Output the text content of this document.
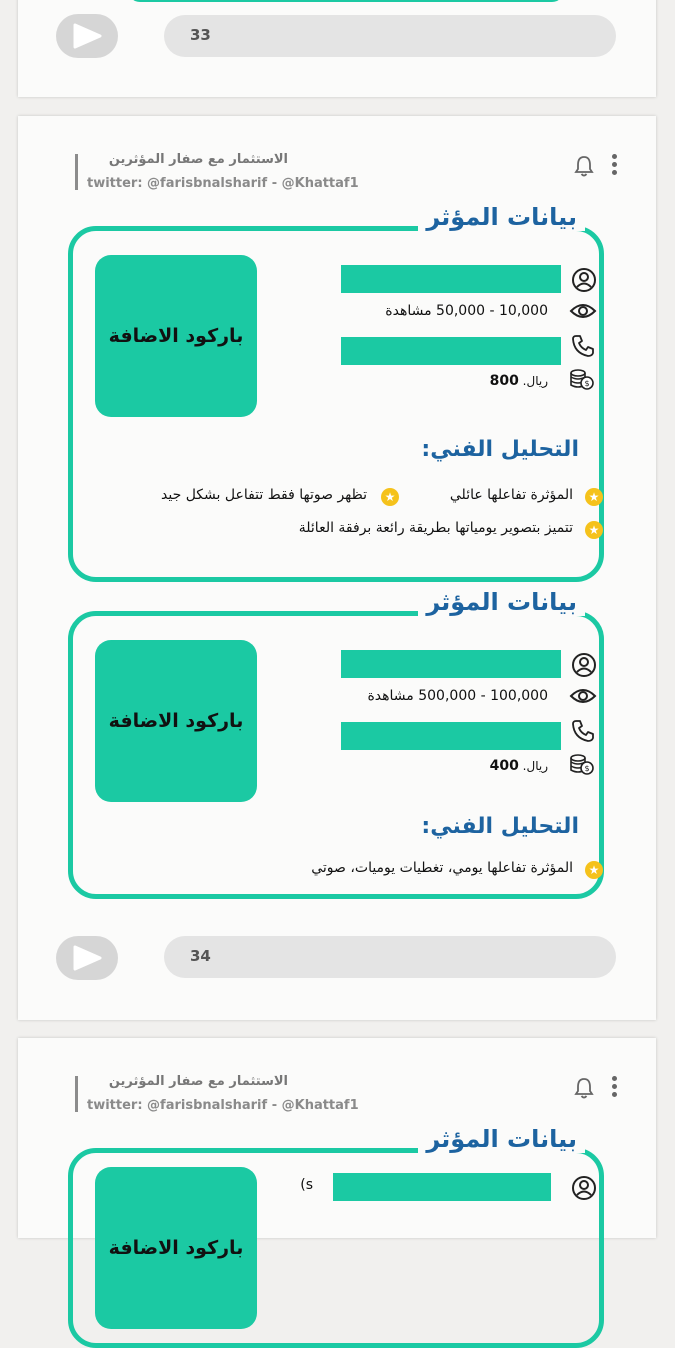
33
الاستثمار مع صفار المؤثرين
twitter: @farisbnalsharif - @Khattaf1
بيانات المؤثر
باركود الاضافة
10,000 - 50,000 مشاهدة
$
ريال. 800
التحليل الفني:
★
المؤثرة تفاعلها عائلي
★
تظهر صوتها فقط تتفاعل بشكل جيد
★
تتميز بتصوير يومياتها بطريقة رائعة برفقة العائلة
بيانات المؤثر
باركود الاضافة
100,000 - 500,000 مشاهدة
$
ريال. 400
التحليل الفني:
★
المؤثرة تفاعلها يومي، تغطيات يوميات، صوتي
34
الاستثمار مع صفار المؤثرين
twitter: @farisbnalsharif - @Khattaf1
بيانات المؤثر
باركود الاضافة
s)
